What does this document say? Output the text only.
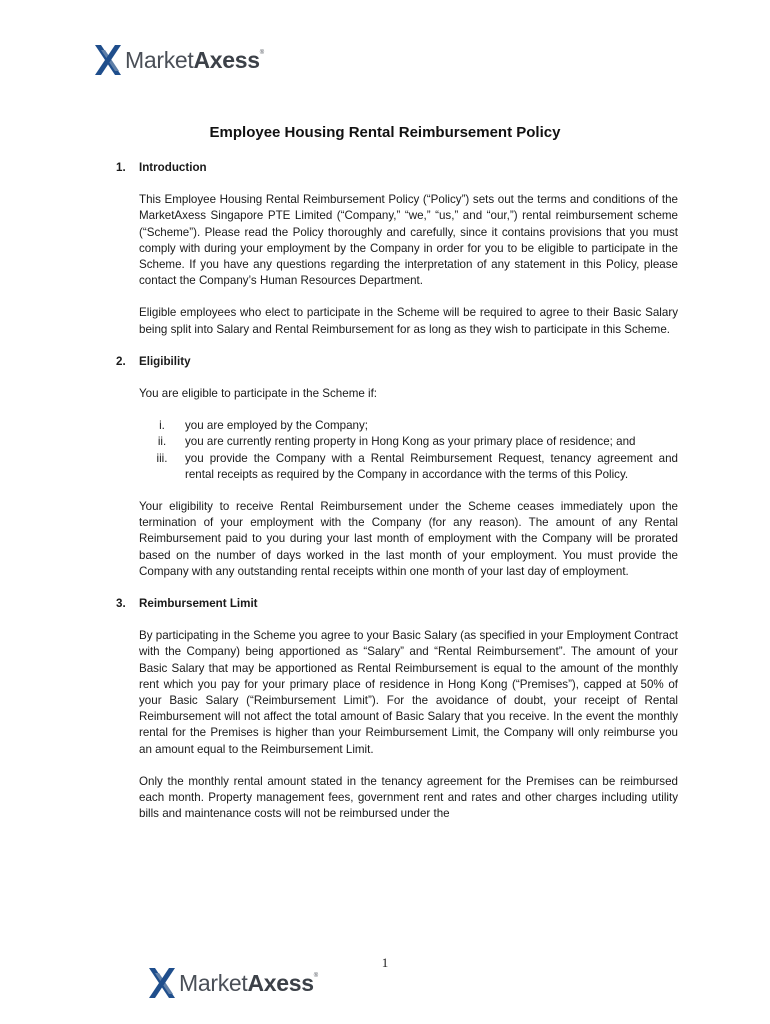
MarketAxess®
Employee Housing Rental Reimbursement Policy
1.	Introduction

This Employee Housing Rental Reimbursement Policy (“Policy”) sets out the terms and conditions of the MarketAxess Singapore PTE Limited (“Company,” “we,” “us,” and “our,”) rental reimbursement scheme (“Scheme”). Please read the Policy thoroughly and carefully, since it contains provisions that you must comply with during your employment by the Company in order for you to be eligible to participate in the Scheme. If you have any questions regarding the interpretation of any statement in this Policy, please contact the Company’s Human Resources Department.

Eligible employees who elect to participate in the Scheme will be required to agree to their Basic Salary being split into Salary and Rental Reimbursement for as long as they wish to participate in this Scheme.

2.	Eligibility

You are eligible to participate in the Scheme if:

i.	you are employed by the Company;
ii.	you are currently renting property in Hong Kong as your primary place of residence; and
iii.	you provide the Company with a Rental Reimbursement Request, tenancy agreement and rental receipts as required by the Company in accordance with the terms of this Policy.

Your eligibility to receive Rental Reimbursement under the Scheme ceases immediately upon the termination of your employment with the Company (for any reason). The amount of any Rental Reimbursement paid to you during your last month of employment with the Company will be prorated based on the number of days worked in the last month of your employment. You must provide the Company with any outstanding rental receipts within one month of your last day of employment.

3.	Reimbursement Limit

By participating in the Scheme you agree to your Basic Salary (as specified in your Employment Contract with the Company) being apportioned as “Salary” and “Rental Reimbursement”. The amount of your Basic Salary that may be apportioned as Rental Reimbursement is equal to the amount of the monthly rent which you pay for your primary place of residence in Hong Kong (“Premises”), capped at 50% of your Basic Salary (“Reimbursement Limit”). For the avoidance of doubt, your receipt of Rental Reimbursement will not affect the total amount of Basic Salary that you receive. In the event the monthly rental for the Premises is higher than your Reimbursement Limit, the Company will only reimburse you an amount equal to the Reimbursement Limit.

Only the monthly rental amount stated in the tenancy agreement for the Premises can be reimbursed each month. Property management fees, government rent and rates and other charges including utility bills and maintenance costs will not be reimbursed under the

1
MarketAxess®
